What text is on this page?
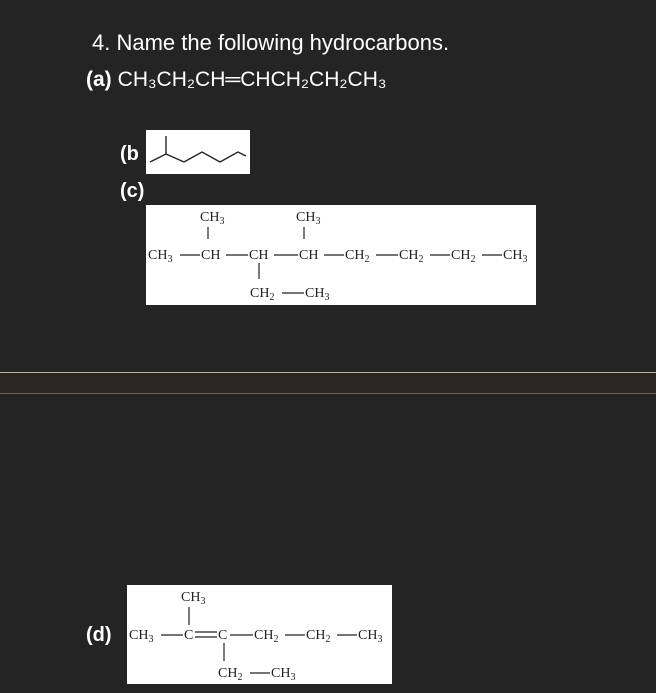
4. Name the following hydrocarbons.
(a) CH₃CH₂CH═CHCH₂CH₂CH₃
(b
(c)
$CH_3$	$CH_3$
$CH_3$ CH CH CH $CH_2$ $CH_2$ $CH_2$ $CH_3$
$CH_2$ $CH_3$
(d)
$CH_3$
$CH_3$ C C $CH_2$ $CH_2$ $CH_3$
$CH_2$ $CH_3$
